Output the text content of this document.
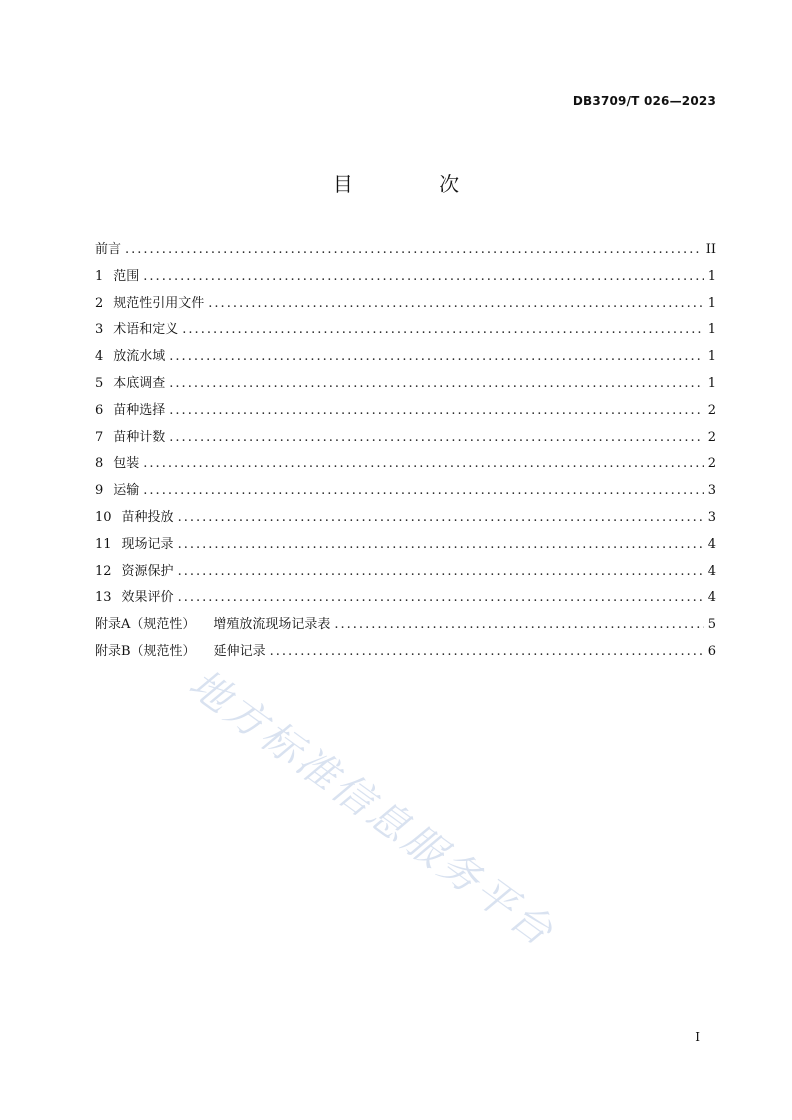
DB3709/T 026—2023
目 次
前言 .....	II
1 范围 .....	1
2 规范性引用文件 .....	1
3 术语和定义 .....	1
4 放流水域 .....	1
5 本底调查 .....	1
6 苗种选择 .....	2
7 苗种计数 .....	2
8 包装 .....	2
9 运输 .....	3
10 苗种投放 .....	3
11 现场记录 .....	4
12 资源保护 .....	4
13 效果评价 .....	4
附录A（规范性） 增殖放流现场记录表 .....	5
附录B（规范性） 延伸记录 .....	6
地方标准信息服务平台
I
